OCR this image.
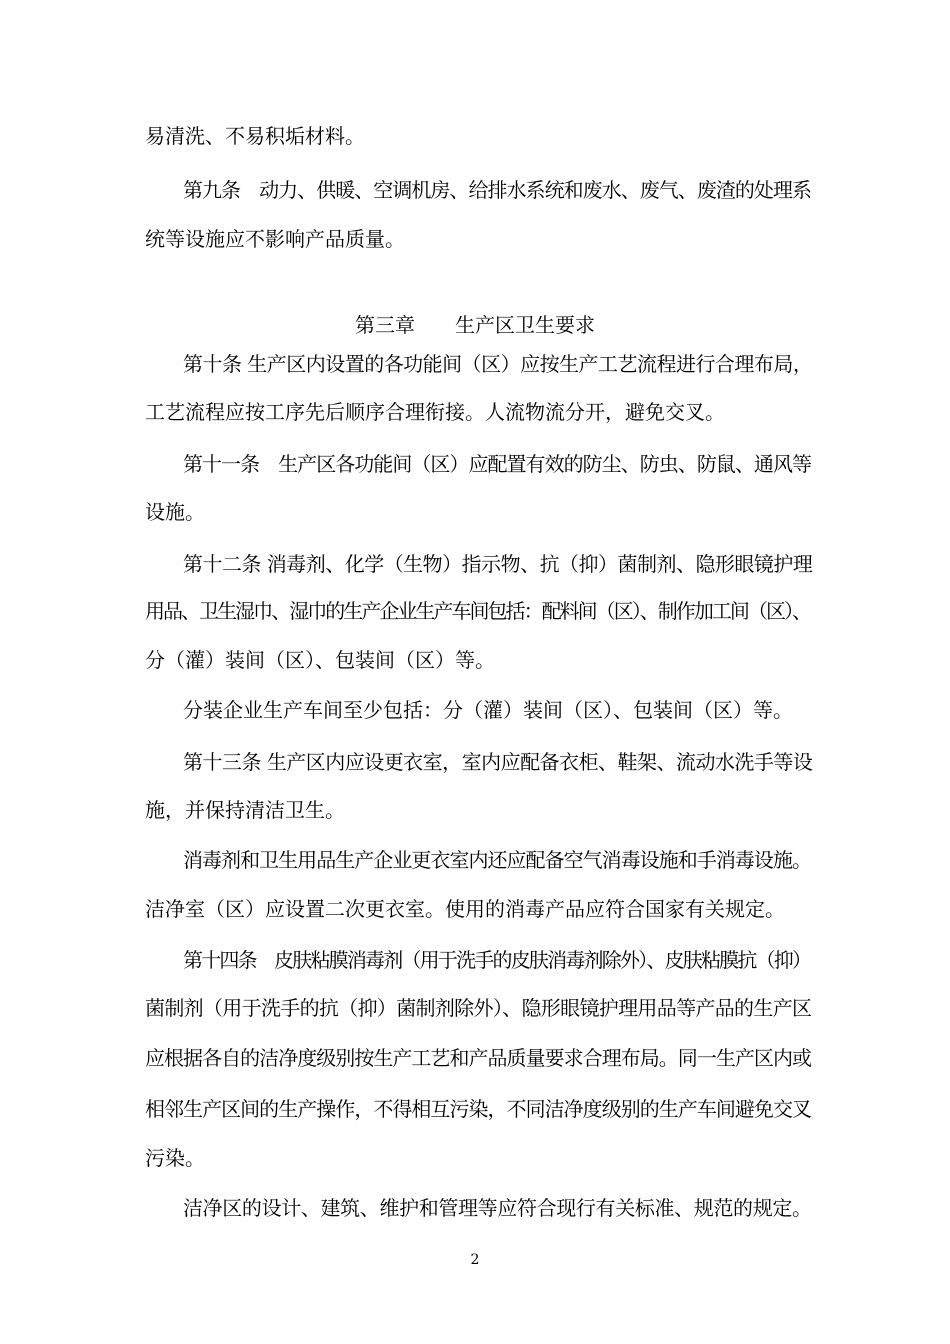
易清洗、不易积垢材料。
第九条　动力、供暖、空调机房、给排水系统和废水、废气、废渣的处理系
统等设施应不影响产品质量。
第三章　　生产区卫生要求
第十条 生产区内设置的各功能间（区）应按生产工艺流程进行合理布局，
工艺流程应按工序先后顺序合理衔接。人流物流分开，避免交叉。
第十一条　生产区各功能间（区）应配置有效的防尘、防虫、防鼠、通风等
设施。
第十二条 消毒剂、化学（生物）指示物、抗（抑）菌制剂、隐形眼镜护理
用品、卫生湿巾、湿巾的生产企业生产车间包括：配料间（区）、制作加工间（区）、
分（灌）装间（区）、包装间（区）等。
分装企业生产车间至少包括：分（灌）装间（区）、包装间（区）等。
第十三条 生产区内应设更衣室，室内应配备衣柜、鞋架、流动水洗手等设
施，并保持清洁卫生。
消毒剂和卫生用品生产企业更衣室内还应配备空气消毒设施和手消毒设施。
洁净室（区）应设置二次更衣室。使用的消毒产品应符合国家有关规定。
第十四条　皮肤粘膜消毒剂（用于洗手的皮肤消毒剂除外）、皮肤粘膜抗（抑）
菌制剂（用于洗手的抗（抑）菌制剂除外）、隐形眼镜护理用品等产品的生产区
应根据各自的洁净度级别按生产工艺和产品质量要求合理布局。同一生产区内或
相邻生产区间的生产操作，不得相互污染，不同洁净度级别的生产车间避免交叉
污染。
洁净区的设计、建筑、维护和管理等应符合现行有关标准、规范的规定。
2
